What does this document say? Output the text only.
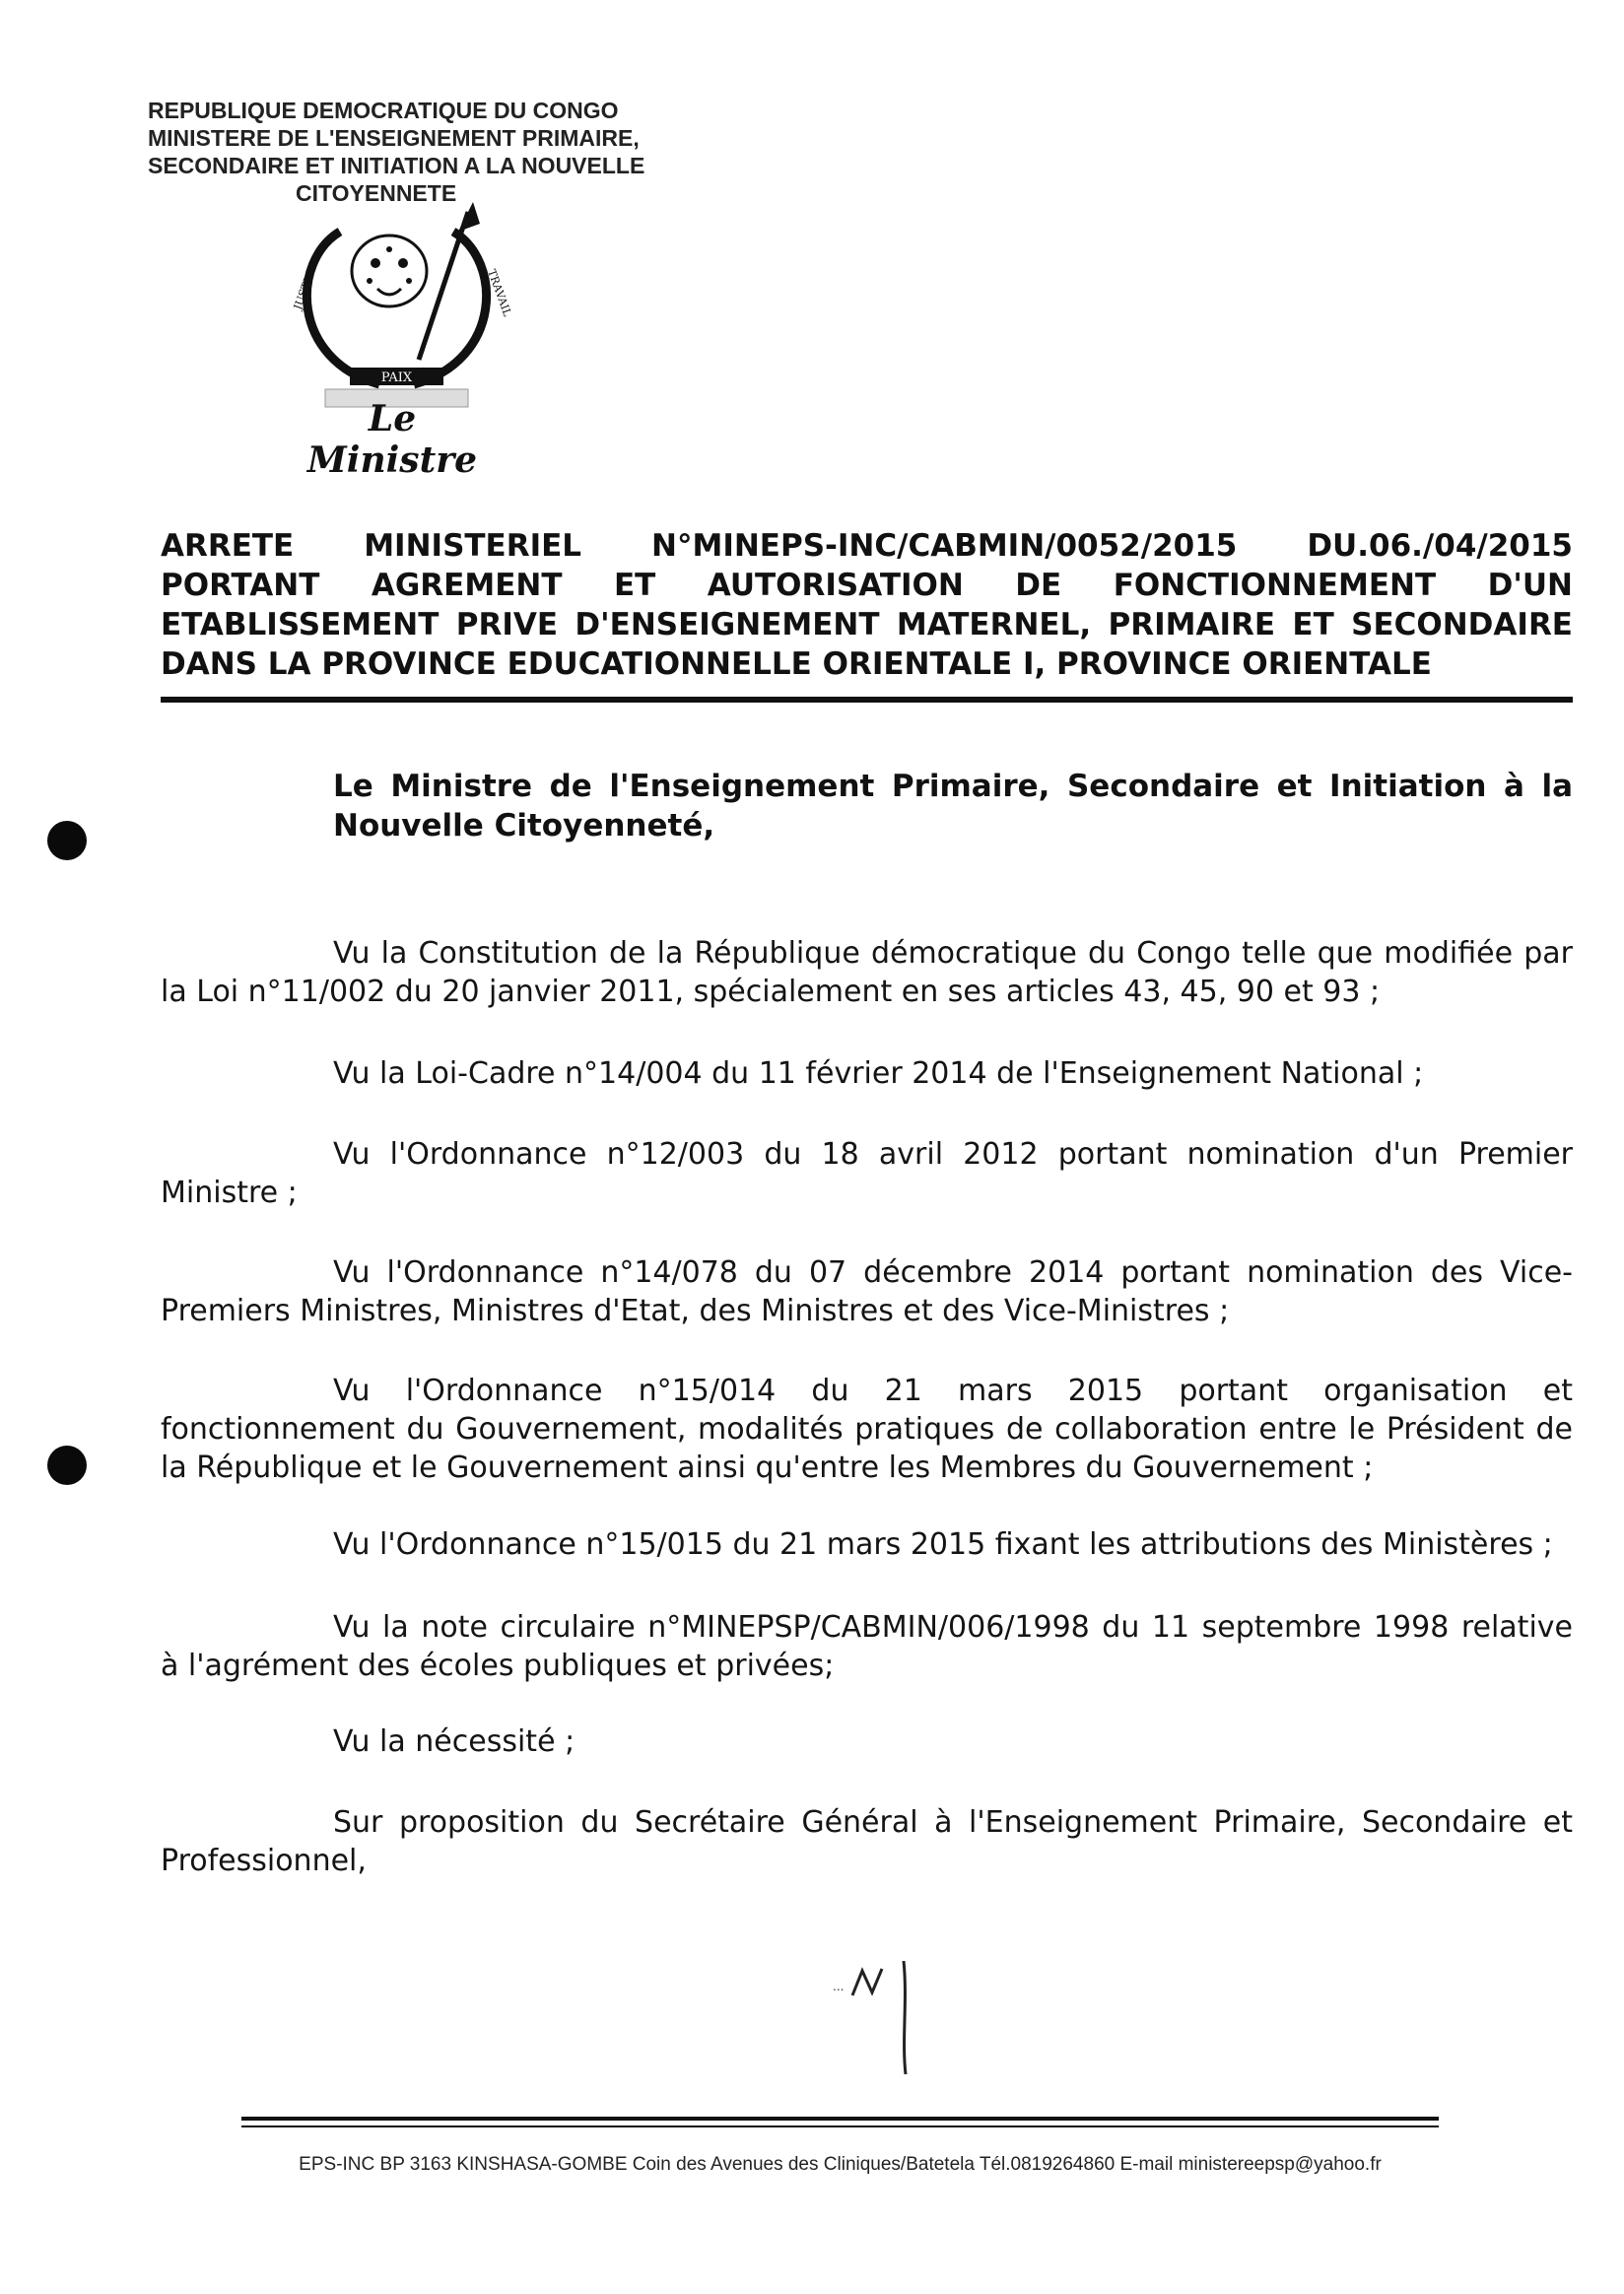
REPUBLIQUE DEMOCRATIQUE DU CONGO
MINISTERE DE L'ENSEIGNEMENT PRIMAIRE,
SECONDAIRE ET INITIATION A LA NOUVELLE
CITOYENNETE
PAIX
JUSTICE	TRAVAIL
Le Ministre
ARRETE MINISTERIEL N°MINEPS-INC/CABMIN/0052/2015 DU.06./04/2015
PORTANT AGREMENT ET AUTORISATION DE FONCTIONNEMENT D'UN
ETABLISSEMENT PRIVE D'ENSEIGNEMENT MATERNEL, PRIMAIRE ET SECONDAIRE
DANS LA PROVINCE EDUCATIONNELLE ORIENTALE I, PROVINCE ORIENTALE
Le Ministre de l'Enseignement Primaire, Secondaire et Initiation à la Nouvelle Citoyenneté,
Vu la Constitution de la République démocratique du Congo telle que modifiée par la Loi n°11/002 du 20 janvier 2011, spécialement en ses articles 43, 45, 90 et 93 ;
Vu la Loi-Cadre n°14/004 du 11 février 2014 de l'Enseignement National ;
Vu l'Ordonnance n°12/003 du 18 avril 2012 portant nomination d'un Premier Ministre ;
Vu l'Ordonnance n°14/078 du 07 décembre 2014 portant nomination des Vice-Premiers Ministres, Ministres d'Etat, des Ministres et des Vice-Ministres ;
Vu l'Ordonnance n°15/014 du 21 mars 2015 portant organisation et fonctionnement du Gouvernement, modalités pratiques de collaboration entre le Président de la République et le Gouvernement ainsi qu'entre les Membres du Gouvernement ;
Vu l'Ordonnance n°15/015 du 21 mars 2015 fixant les attributions des Ministères ;
Vu la note circulaire n°MINEPSP/CABMIN/006/1998 du 11 septembre 1998 relative à l'agrément des écoles publiques et privées;
Vu la nécessité ;
Sur proposition du Secrétaire Général à l'Enseignement Primaire, Secondaire et Professionnel,
...
EPS-INC BP 3163 KINSHASA-GOMBE Coin des Avenues des Cliniques/Batetela Tél.0819264860 E-mail ministereepsp@yahoo.fr
